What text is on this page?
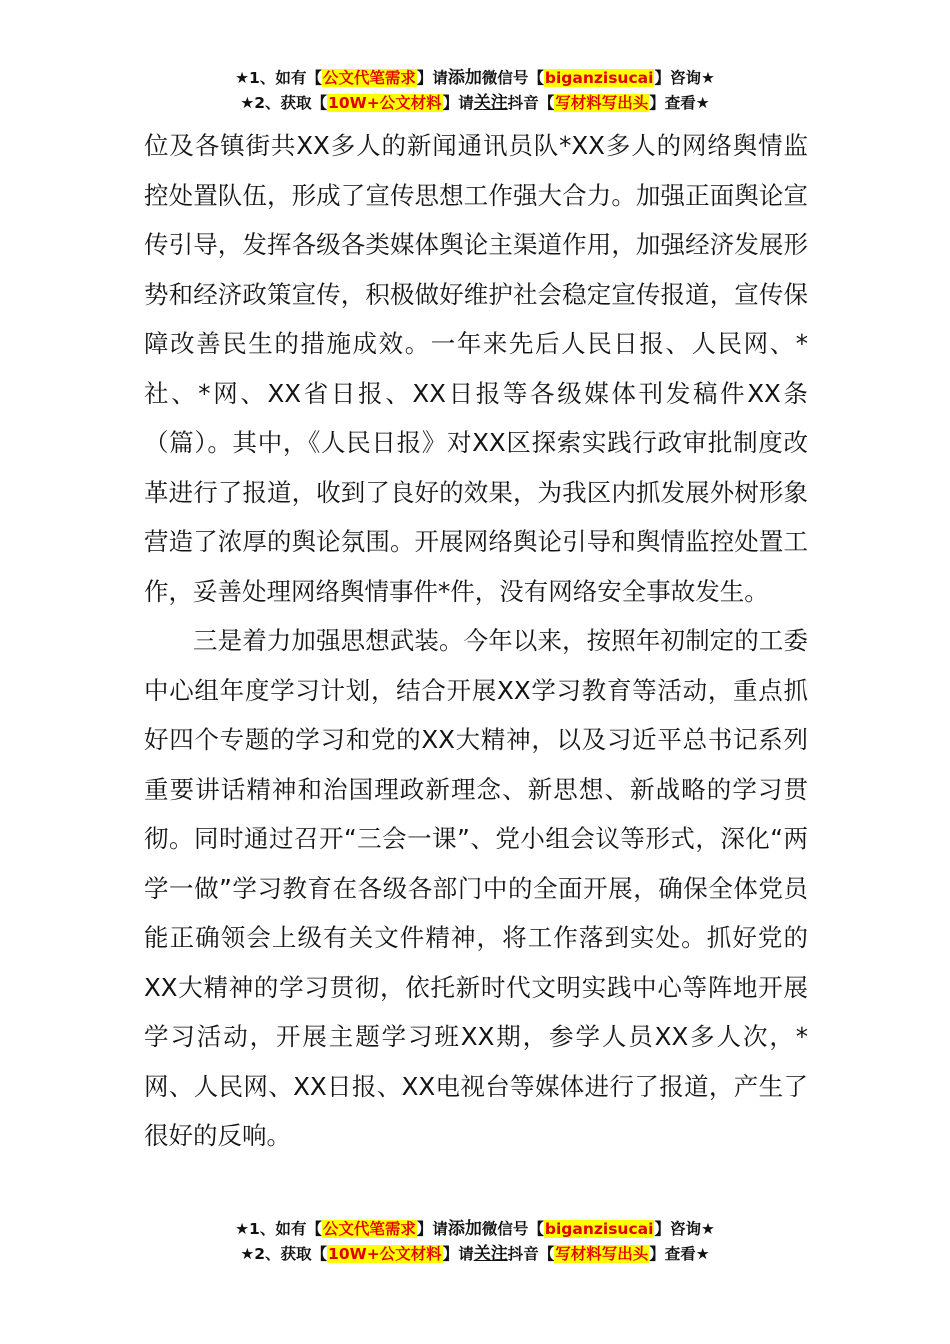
★1、如有【公文代笔需求】请添加微信号【biganzisucai】咨询★
★2、获取【10W+公文材料】请关注抖音【写材料写出头】查看★

位及各镇街共XX多人的新闻通讯员队*XX多人的网络舆情监控处置队伍，形成了宣传思想工作强大合力。加强正面舆论宣传引导，发挥各级各类媒体舆论主渠道作用，加强经济发展形势和经济政策宣传，积极做好维护社会稳定宣传报道，宣传保障改善民生的措施成效。一年来先后人民日报、人民网、*社、*网、XX省日报、XX日报等各级媒体刊发稿件XX条（篇）。其中，《人民日报》对XX区探索实践行政审批制度改革进行了报道，收到了良好的效果，为我区内抓发展外树形象营造了浓厚的舆论氛围。开展网络舆论引导和舆情监控处置工作，妥善处理网络舆情事件*件，没有网络安全事故发生。

三是着力加强思想武装。今年以来，按照年初制定的工委中心组年度学习计划，结合开展XX学习教育等活动，重点抓好四个专题的学习和党的XX大精神，以及习近平总书记系列重要讲话精神和治国理政新理念、新思想、新战略的学习贯彻。同时通过召开“三会一课”、党小组会议等形式，深化“两学一做”学习教育在各级各部门中的全面开展，确保全体党员能正确领会上级有关文件精神，将工作落到实处。抓好党的XX大精神的学习贯彻，依托新时代文明实践中心等阵地开展学习活动，开展主题学习班XX期，参学人员XX多人次，*网、人民网、XX日报、XX电视台等媒体进行了报道，产生了很好的反响。

★1、如有【公文代笔需求】请添加微信号【biganzisucai】咨询★
★2、获取【10W+公文材料】请关注抖音【写材料写出头】查看★
